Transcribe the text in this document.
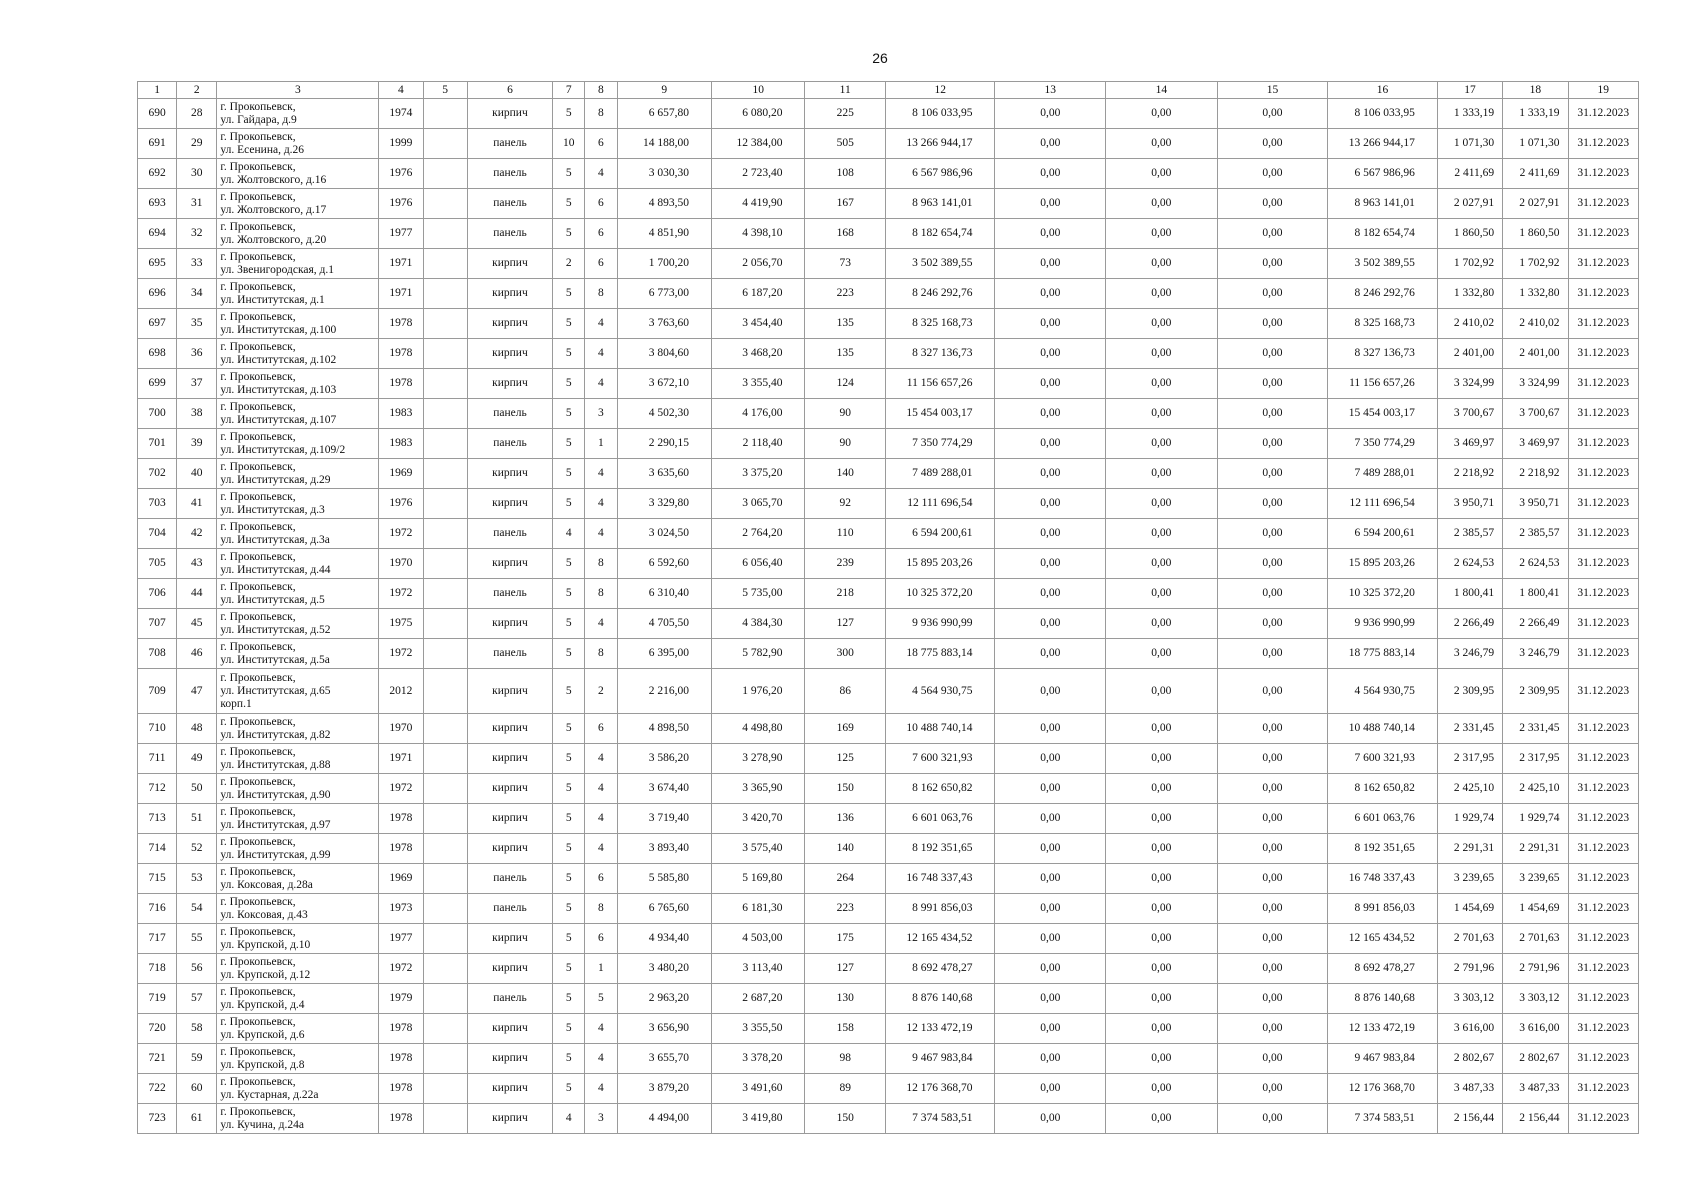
26
1	2	3	4	5	6	7	8	9	10	11	12	13	14	15	16	17	18	19
690	28	г. Прокопьевск,
ул. Гайдара, д.9	1974		кирпич	5	8	6 657,80	6 080,20	225	8 106 033,95	0,00	0,00	0,00	8 106 033,95	1 333,19	1 333,19	31.12.2023
691	29	г. Прокопьевск,
ул. Есенина, д.26	1999		панель	10	6	14 188,00	12 384,00	505	13 266 944,17	0,00	0,00	0,00	13 266 944,17	1 071,30	1 071,30	31.12.2023
692	30	г. Прокопьевск,
ул. Жолтовского, д.16	1976		панель	5	4	3 030,30	2 723,40	108	6 567 986,96	0,00	0,00	0,00	6 567 986,96	2 411,69	2 411,69	31.12.2023
693	31	г. Прокопьевск,
ул. Жолтовского, д.17	1976		панель	5	6	4 893,50	4 419,90	167	8 963 141,01	0,00	0,00	0,00	8 963 141,01	2 027,91	2 027,91	31.12.2023
694	32	г. Прокопьевск,
ул. Жолтовского, д.20	1977		панель	5	6	4 851,90	4 398,10	168	8 182 654,74	0,00	0,00	0,00	8 182 654,74	1 860,50	1 860,50	31.12.2023
695	33	г. Прокопьевск,
ул. Звенигородская, д.1	1971		кирпич	2	6	1 700,20	2 056,70	73	3 502 389,55	0,00	0,00	0,00	3 502 389,55	1 702,92	1 702,92	31.12.2023
696	34	г. Прокопьевск,
ул. Институтская, д.1	1971		кирпич	5	8	6 773,00	6 187,20	223	8 246 292,76	0,00	0,00	0,00	8 246 292,76	1 332,80	1 332,80	31.12.2023
697	35	г. Прокопьевск,
ул. Институтская, д.100	1978		кирпич	5	4	3 763,60	3 454,40	135	8 325 168,73	0,00	0,00	0,00	8 325 168,73	2 410,02	2 410,02	31.12.2023
698	36	г. Прокопьевск,
ул. Институтская, д.102	1978		кирпич	5	4	3 804,60	3 468,20	135	8 327 136,73	0,00	0,00	0,00	8 327 136,73	2 401,00	2 401,00	31.12.2023
699	37	г. Прокопьевск,
ул. Институтская, д.103	1978		кирпич	5	4	3 672,10	3 355,40	124	11 156 657,26	0,00	0,00	0,00	11 156 657,26	3 324,99	3 324,99	31.12.2023
700	38	г. Прокопьевск,
ул. Институтская, д.107	1983		панель	5	3	4 502,30	4 176,00	90	15 454 003,17	0,00	0,00	0,00	15 454 003,17	3 700,67	3 700,67	31.12.2023
701	39	г. Прокопьевск,
ул. Институтская, д.109/2	1983		панель	5	1	2 290,15	2 118,40	90	7 350 774,29	0,00	0,00	0,00	7 350 774,29	3 469,97	3 469,97	31.12.2023
702	40	г. Прокопьевск,
ул. Институтская, д.29	1969		кирпич	5	4	3 635,60	3 375,20	140	7 489 288,01	0,00	0,00	0,00	7 489 288,01	2 218,92	2 218,92	31.12.2023
703	41	г. Прокопьевск,
ул. Институтская, д.3	1976		кирпич	5	4	3 329,80	3 065,70	92	12 111 696,54	0,00	0,00	0,00	12 111 696,54	3 950,71	3 950,71	31.12.2023
704	42	г. Прокопьевск,
ул. Институтская, д.3а	1972		панель	4	4	3 024,50	2 764,20	110	6 594 200,61	0,00	0,00	0,00	6 594 200,61	2 385,57	2 385,57	31.12.2023
705	43	г. Прокопьевск,
ул. Институтская, д.44	1970		кирпич	5	8	6 592,60	6 056,40	239	15 895 203,26	0,00	0,00	0,00	15 895 203,26	2 624,53	2 624,53	31.12.2023
706	44	г. Прокопьевск,
ул. Институтская, д.5	1972		панель	5	8	6 310,40	5 735,00	218	10 325 372,20	0,00	0,00	0,00	10 325 372,20	1 800,41	1 800,41	31.12.2023
707	45	г. Прокопьевск,
ул. Институтская, д.52	1975		кирпич	5	4	4 705,50	4 384,30	127	9 936 990,99	0,00	0,00	0,00	9 936 990,99	2 266,49	2 266,49	31.12.2023
708	46	г. Прокопьевск,
ул. Институтская, д.5а	1972		панель	5	8	6 395,00	5 782,90	300	18 775 883,14	0,00	0,00	0,00	18 775 883,14	3 246,79	3 246,79	31.12.2023
709	47	г. Прокопьевск,
ул. Институтская, д.65
корп.1	2012		кирпич	5	2	2 216,00	1 976,20	86	4 564 930,75	0,00	0,00	0,00	4 564 930,75	2 309,95	2 309,95	31.12.2023
710	48	г. Прокопьевск,
ул. Институтская, д.82	1970		кирпич	5	6	4 898,50	4 498,80	169	10 488 740,14	0,00	0,00	0,00	10 488 740,14	2 331,45	2 331,45	31.12.2023
711	49	г. Прокопьевск,
ул. Институтская, д.88	1971		кирпич	5	4	3 586,20	3 278,90	125	7 600 321,93	0,00	0,00	0,00	7 600 321,93	2 317,95	2 317,95	31.12.2023
712	50	г. Прокопьевск,
ул. Институтская, д.90	1972		кирпич	5	4	3 674,40	3 365,90	150	8 162 650,82	0,00	0,00	0,00	8 162 650,82	2 425,10	2 425,10	31.12.2023
713	51	г. Прокопьевск,
ул. Институтская, д.97	1978		кирпич	5	4	3 719,40	3 420,70	136	6 601 063,76	0,00	0,00	0,00	6 601 063,76	1 929,74	1 929,74	31.12.2023
714	52	г. Прокопьевск,
ул. Институтская, д.99	1978		кирпич	5	4	3 893,40	3 575,40	140	8 192 351,65	0,00	0,00	0,00	8 192 351,65	2 291,31	2 291,31	31.12.2023
715	53	г. Прокопьевск,
ул. Коксовая, д.28а	1969		панель	5	6	5 585,80	5 169,80	264	16 748 337,43	0,00	0,00	0,00	16 748 337,43	3 239,65	3 239,65	31.12.2023
716	54	г. Прокопьевск,
ул. Коксовая, д.43	1973		панель	5	8	6 765,60	6 181,30	223	8 991 856,03	0,00	0,00	0,00	8 991 856,03	1 454,69	1 454,69	31.12.2023
717	55	г. Прокопьевск,
ул. Крупской, д.10	1977		кирпич	5	6	4 934,40	4 503,00	175	12 165 434,52	0,00	0,00	0,00	12 165 434,52	2 701,63	2 701,63	31.12.2023
718	56	г. Прокопьевск,
ул. Крупской, д.12	1972		кирпич	5	1	3 480,20	3 113,40	127	8 692 478,27	0,00	0,00	0,00	8 692 478,27	2 791,96	2 791,96	31.12.2023
719	57	г. Прокопьевск,
ул. Крупской, д.4	1979		панель	5	5	2 963,20	2 687,20	130	8 876 140,68	0,00	0,00	0,00	8 876 140,68	3 303,12	3 303,12	31.12.2023
720	58	г. Прокопьевск,
ул. Крупской, д.6	1978		кирпич	5	4	3 656,90	3 355,50	158	12 133 472,19	0,00	0,00	0,00	12 133 472,19	3 616,00	3 616,00	31.12.2023
721	59	г. Прокопьевск,
ул. Крупской, д.8	1978		кирпич	5	4	3 655,70	3 378,20	98	9 467 983,84	0,00	0,00	0,00	9 467 983,84	2 802,67	2 802,67	31.12.2023
722	60	г. Прокопьевск,
ул. Кустарная, д.22а	1978		кирпич	5	4	3 879,20	3 491,60	89	12 176 368,70	0,00	0,00	0,00	12 176 368,70	3 487,33	3 487,33	31.12.2023
723	61	г. Прокопьевск,
ул. Кучина, д.24а	1978		кирпич	4	3	4 494,00	3 419,80	150	7 374 583,51	0,00	0,00	0,00	7 374 583,51	2 156,44	2 156,44	31.12.2023
